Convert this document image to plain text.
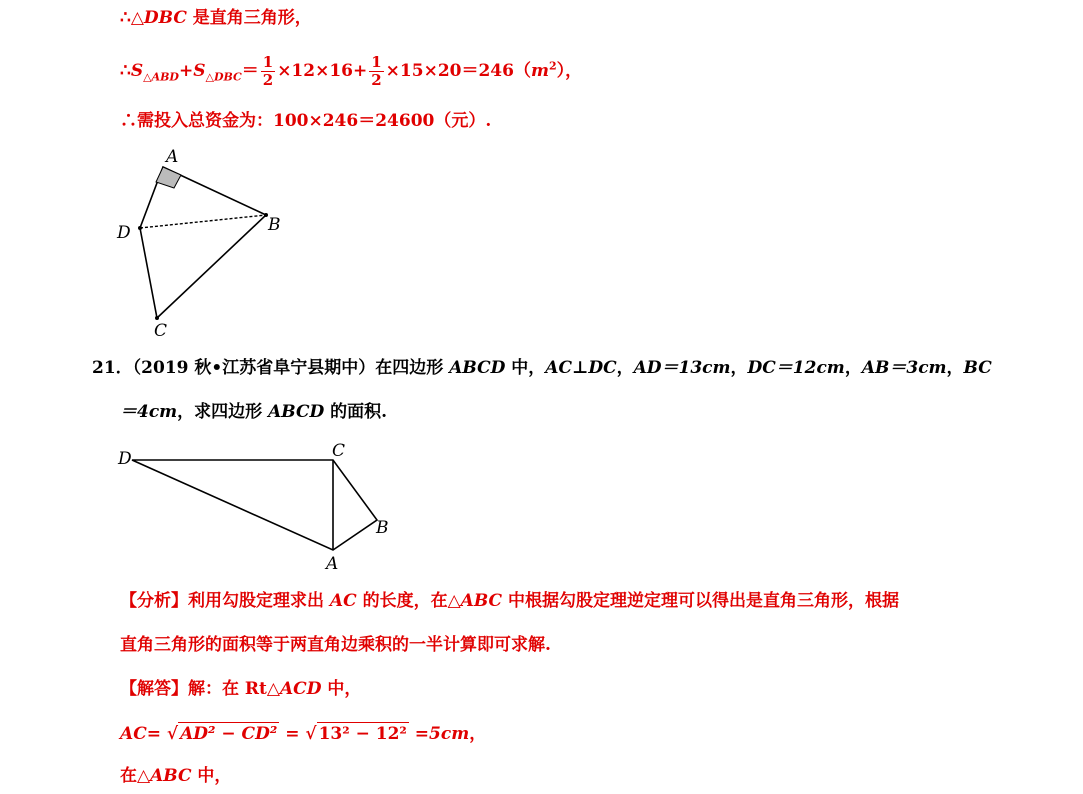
∴△DBC 是直角三角形，
$\therefore S_{\triangle ABD}+S_{\triangle DBC}= \frac{1}{2} \times 12\times 16+ \frac{1}{2} \times 15\times 20=246(m^2)$，
∴需投入总资金为：100×246＝24600（元）.
A
B
C
D
21．（2019 秋•江苏省阜宁县期中）在四边形 ABCD 中，AC⊥DC，AD＝13cm，DC＝12cm，AB＝3cm，BC
＝4cm，求四边形 ABCD 的面积.
D	C
B
A
【分析】利用勾股定理求出 AC 的长度，在△ABC 中根据勾股定理逆定理可以得出是直角三角形，根据
直角三角形的面积等于两直角边乘积的一半计算即可求解.
【解答】解：在 Rt△ACD 中，
AC= √ AD² − CD² = √ 13² − 12² =5cm，
在△ABC 中，
